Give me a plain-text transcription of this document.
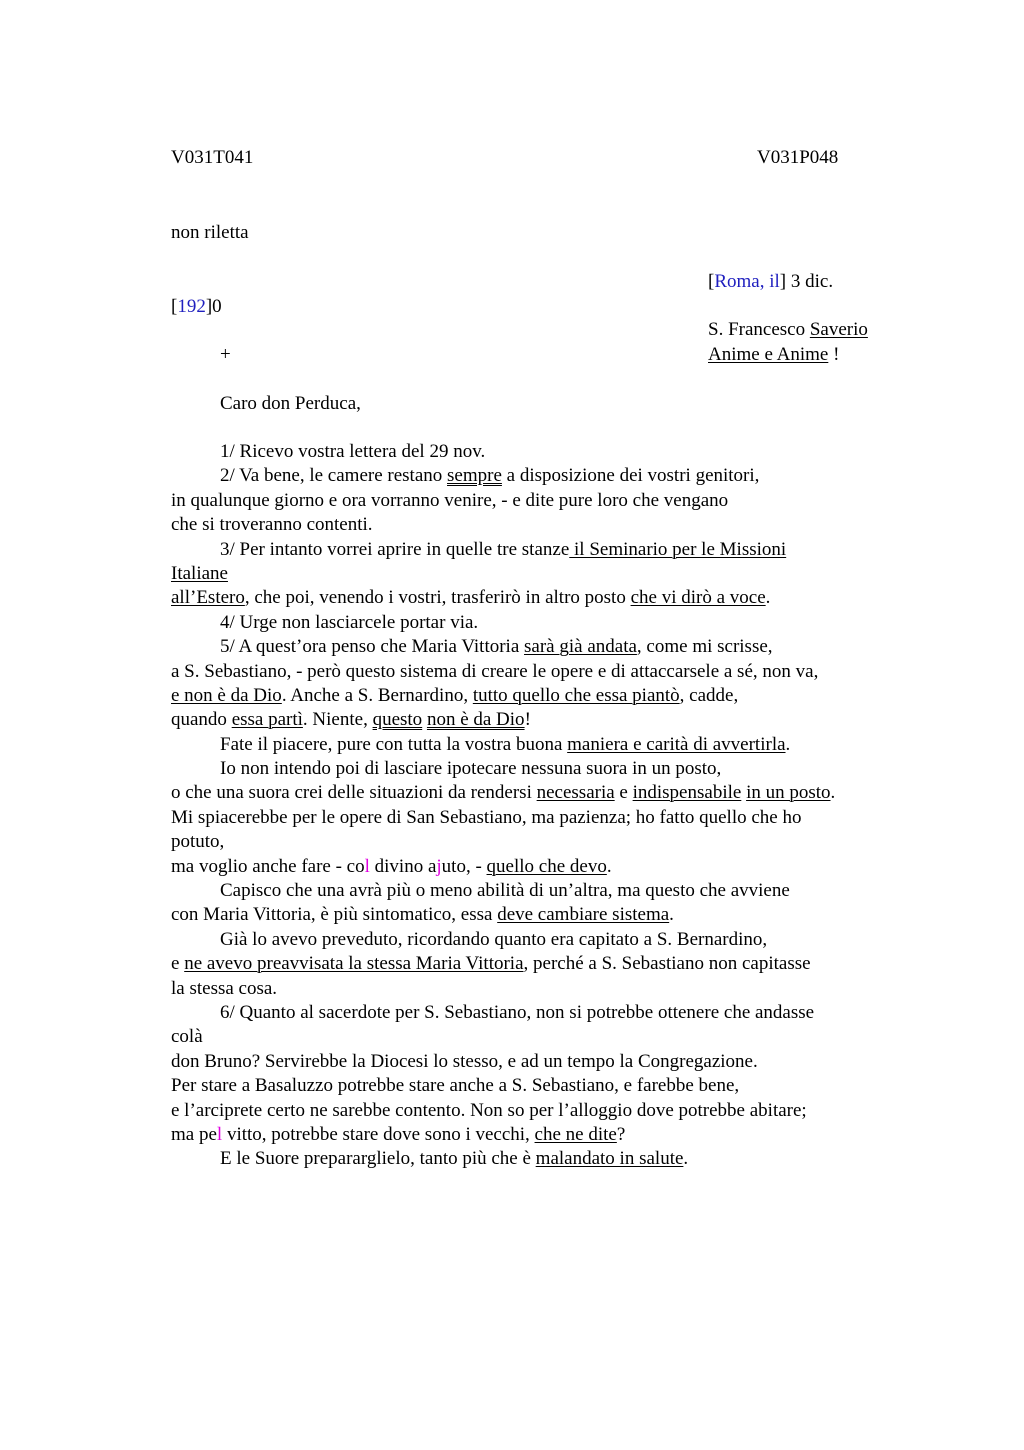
V031T041	V031P048
non riletta
[Roma, il] 3 dic.
[192]0
S. Francesco Saverio
Anime e Anime !
+
Caro don Perduca,
1/ Ricevo vostra lettera del 29 nov.
2/ Va bene, le camere restano sempre a disposizione dei vostri genitori,
in qualunque giorno e ora vorranno venire, - e dite pure loro che vengano
che si troveranno contenti.
3/ Per intanto vorrei aprire in quelle tre stanze il Seminario per le Missioni
Italiane
all’Estero, che poi, venendo i vostri, trasferirò in altro posto che vi dirò a voce.
4/ Urge non lasciarcele portar via.
5/ A quest’ora penso che Maria Vittoria sarà già andata, come mi scrisse,
a S. Sebastiano, - però questo sistema di creare le opere e di attaccarsele a sé, non va,
e non è da Dio. Anche a S. Bernardino, tutto quello che essa piantò, cadde,
quando essa partì. Niente, questo non è da Dio!
Fate il piacere, pure con tutta la vostra buona maniera e carità di avvertirla.
Io non intendo poi di lasciare ipotecare nessuna suora in un posto,
o che una suora crei delle situazioni da rendersi necessaria e indispensabile in un posto.
Mi spiacerebbe per le opere di San Sebastiano, ma pazienza; ho fatto quello che ho
potuto,
ma voglio anche fare - col divino ajuto, - quello che devo.
Capisco che una avrà più o meno abilità di un’altra, ma questo che avviene
con Maria Vittoria, è più sintomatico, essa deve cambiare sistema.
Già lo avevo preveduto, ricordando quanto era capitato a S. Bernardino,
e ne avevo preavvisata la stessa Maria Vittoria, perché a S. Sebastiano non capitasse
la stessa cosa.
6/ Quanto al sacerdote per S. Sebastiano, non si potrebbe ottenere che andasse
colà
don Bruno? Servirebbe la Diocesi lo stesso, e ad un tempo la Congregazione.
Per stare a Basaluzzo potrebbe stare anche a S. Sebastiano, e farebbe bene,
e l’arciprete certo ne sarebbe contento. Non so per l’alloggio dove potrebbe abitare;
ma pel vitto, potrebbe stare dove sono i vecchi, che ne dite?
E le Suore prepararglielo, tanto più che è malandato in salute.
